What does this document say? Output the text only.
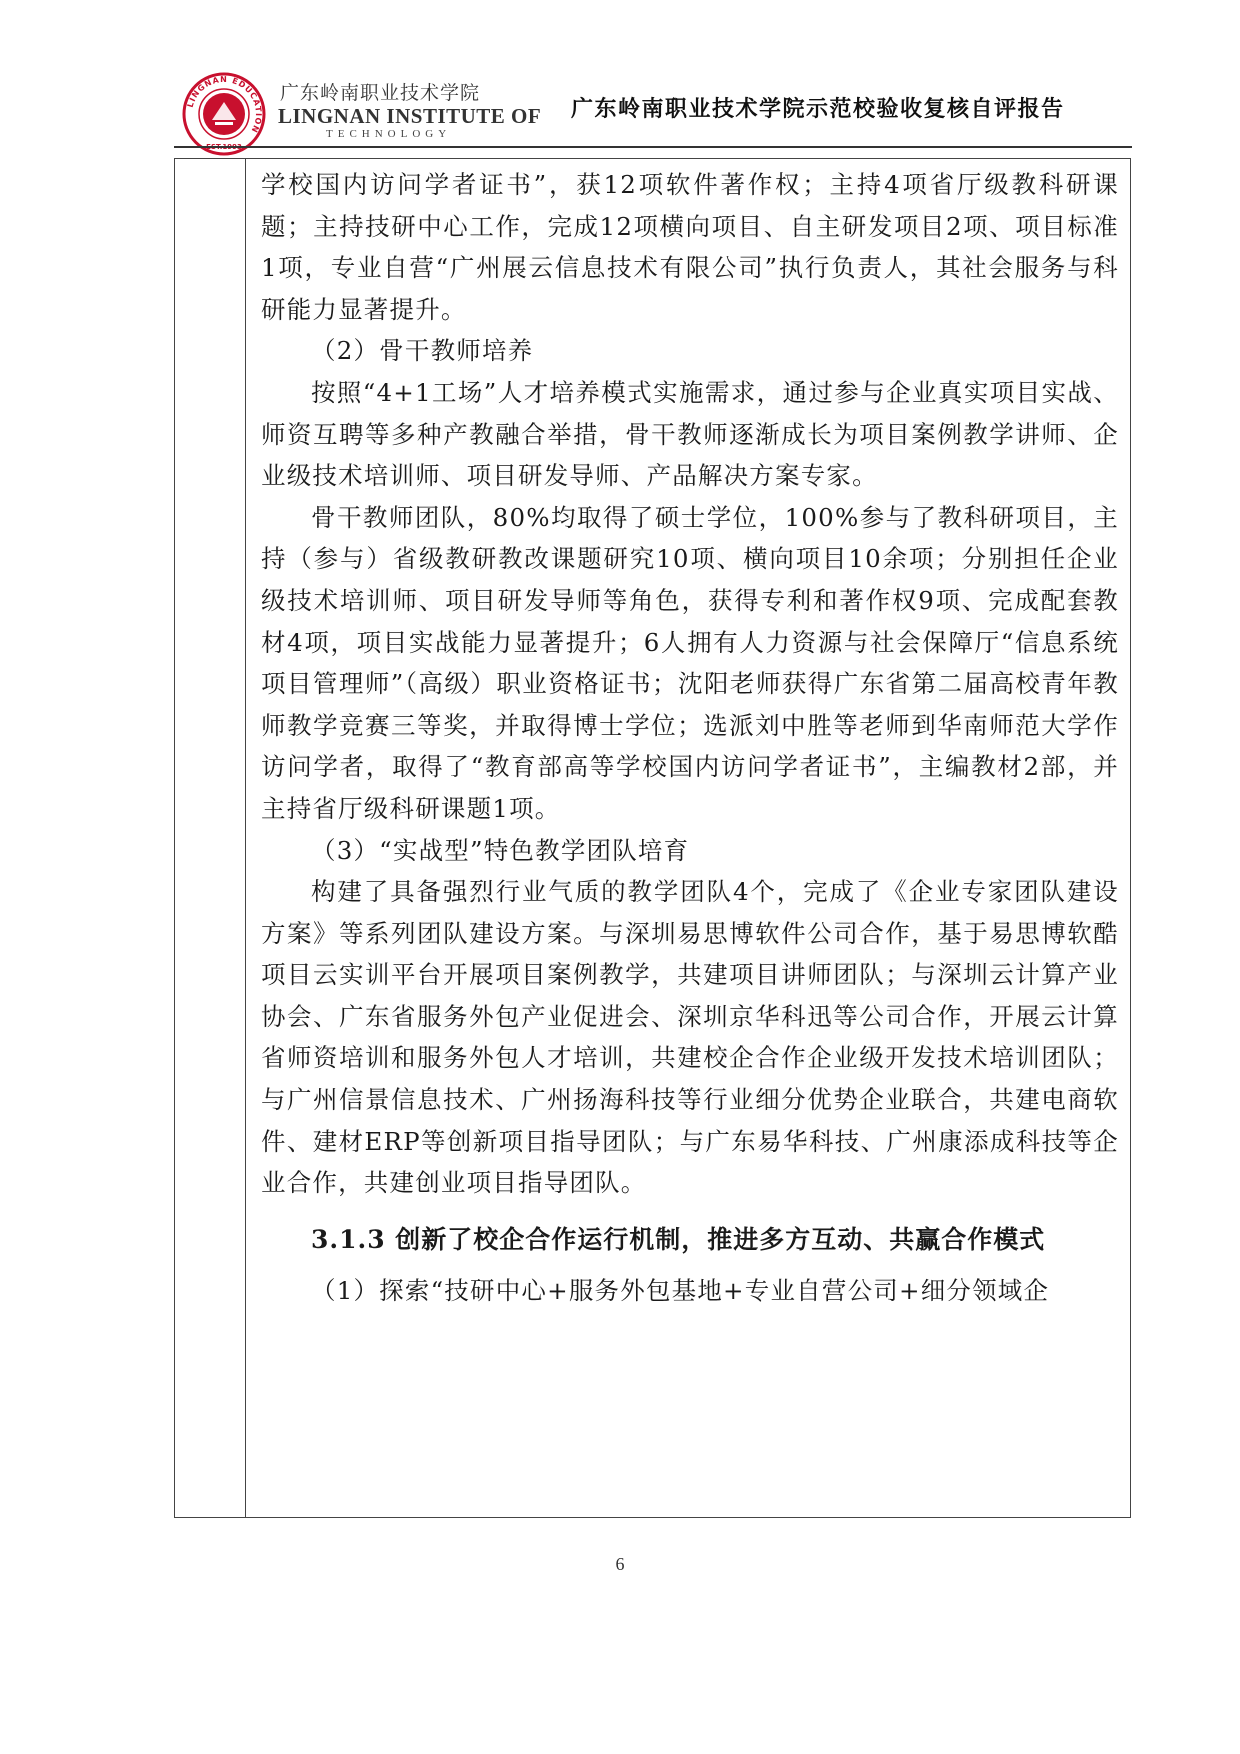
LINGNAN EDUCATION
广东岭南职业技术学院
LINGNAN INSTITUTE OF
TECHNOLOGY
广东岭南职业技术学院示范校验收复核自评报告

学校国内访问学者证书”，获12项软件著作权；主持4项省厅级教科研课题；主持技研中心工作，完成12项横向项目、自主研发项目2项、项目标准1项，专业自营“广州展云信息技术有限公司”执行负责人，其社会服务与科研能力显著提升。

（2）骨干教师培养

按照“4+1工场”人才培养模式实施需求，通过参与企业真实项目实战、师资互聘等多种产教融合举措，骨干教师逐渐成长为项目案例教学讲师、企业级技术培训师、项目研发导师、产品解决方案专家。

骨干教师团队，80%均取得了硕士学位，100%参与了教科研项目，主持（参与）省级教研教改课题研究10项、横向项目10余项；分别担任企业级技术培训师、项目研发导师等角色，获得专利和著作权9项、完成配套教材4项，项目实战能力显著提升；6人拥有人力资源与社会保障厅“信息系统项目管理师”（高级）职业资格证书；沈阳老师获得广东省第二届高校青年教师教学竞赛三等奖，并取得博士学位；选派刘中胜等老师到华南师范大学作访问学者，取得了“教育部高等学校国内访问学者证书”，主编教材2部，并主持省厅级科研课题1项。

（3）“实战型”特色教学团队培育

构建了具备强烈行业气质的教学团队4个，完成了《企业专家团队建设方案》等系列团队建设方案。与深圳易思博软件公司合作，基于易思博软酷项目云实训平台开展项目案例教学，共建项目讲师团队；与深圳云计算产业协会、广东省服务外包产业促进会、深圳京华科迅等公司合作，开展云计算省师资培训和服务外包人才培训，共建校企合作企业级开发技术培训团队；与广州信景信息技术、广州扬海科技等行业细分优势企业联合，共建电商软件、建材ERP等创新项目指导团队；与广东易华科技、广州康添成科技等企业合作，共建创业项目指导团队。

3.1.3 创新了校企合作运行机制，推进多方互动、共赢合作模式

（1）探索“技研中心+服务外包基地+专业自营公司+细分领域企

6
